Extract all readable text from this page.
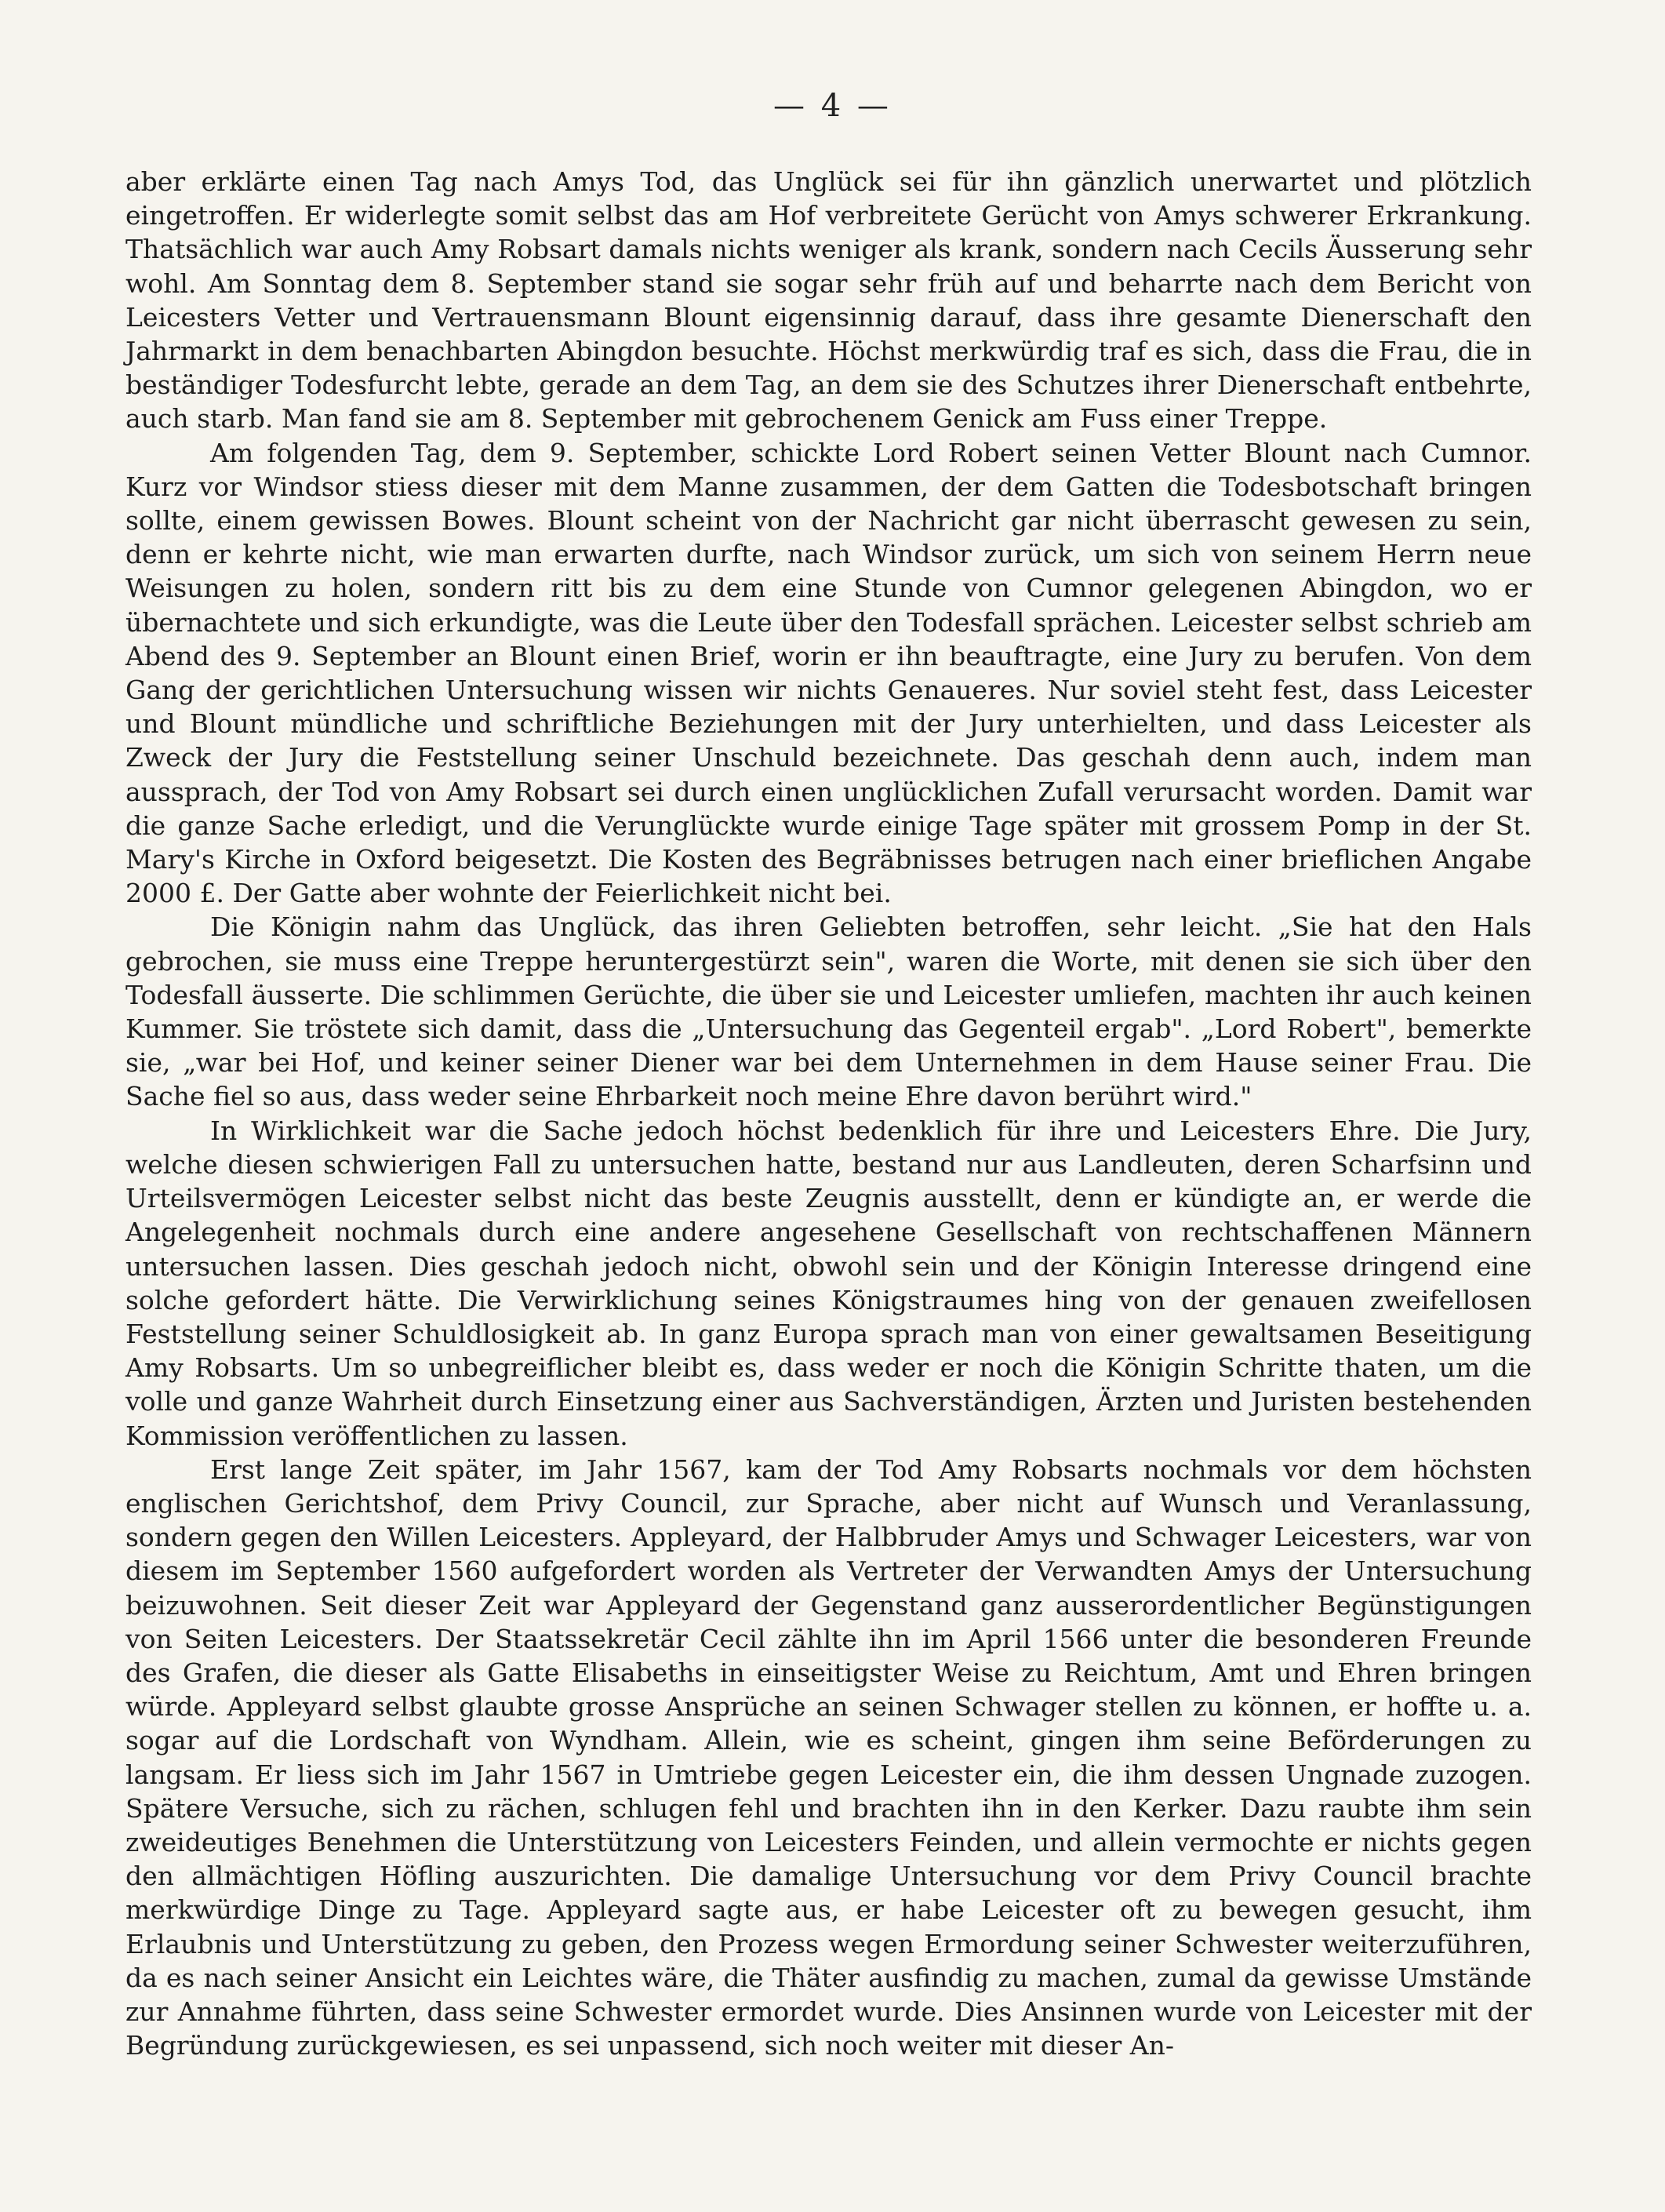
— 4 —

aber erklärte einen Tag nach Amys Tod, das Unglück sei für ihn gänzlich unerwartet und plötzlich eingetroffen. Er widerlegte somit selbst das am Hof verbreitete Gerücht von Amys schwerer Erkrankung. Thatsächlich war auch Amy Robsart damals nichts weniger als krank, sondern nach Cecils Äusserung sehr wohl. Am Sonntag dem 8. September stand sie sogar sehr früh auf und beharrte nach dem Bericht von Leicesters Vetter und Vertrauensmann Blount eigensinnig darauf, dass ihre gesamte Dienerschaft den Jahrmarkt in dem benachbarten Abingdon besuchte. Höchst merkwürdig traf es sich, dass die Frau, die in beständiger Todesfurcht lebte, gerade an dem Tag, an dem sie des Schutzes ihrer Dienerschaft entbehrte, auch starb. Man fand sie am 8. September mit gebrochenem Genick am Fuss einer Treppe.

Am folgenden Tag, dem 9. September, schickte Lord Robert seinen Vetter Blount nach Cumnor. Kurz vor Windsor stiess dieser mit dem Manne zusammen, der dem Gatten die Todesbotschaft bringen sollte, einem gewissen Bowes. Blount scheint von der Nachricht gar nicht überrascht gewesen zu sein, denn er kehrte nicht, wie man erwarten durfte, nach Windsor zurück, um sich von seinem Herrn neue Weisungen zu holen, sondern ritt bis zu dem eine Stunde von Cumnor gelegenen Abingdon, wo er übernachtete und sich erkundigte, was die Leute über den Todesfall sprächen. Leicester selbst schrieb am Abend des 9. September an Blount einen Brief, worin er ihn beauftragte, eine Jury zu berufen. Von dem Gang der gerichtlichen Untersuchung wissen wir nichts Genaueres. Nur soviel steht fest, dass Leicester und Blount mündliche und schriftliche Beziehungen mit der Jury unterhielten, und dass Leicester als Zweck der Jury die Feststellung seiner Unschuld bezeichnete. Das geschah denn auch, indem man aussprach, der Tod von Amy Robsart sei durch einen unglücklichen Zufall verursacht worden. Damit war die ganze Sache erledigt, und die Verunglückte wurde einige Tage später mit grossem Pomp in der St. Mary's Kirche in Oxford beigesetzt. Die Kosten des Begräbnisses betrugen nach einer brieflichen Angabe 2000 £. Der Gatte aber wohnte der Feierlichkeit nicht bei.

Die Königin nahm das Unglück, das ihren Geliebten betroffen, sehr leicht. „Sie hat den Hals gebrochen, sie muss eine Treppe heruntergestürzt sein", waren die Worte, mit denen sie sich über den Todesfall äusserte. Die schlimmen Gerüchte, die über sie und Leicester umliefen, machten ihr auch keinen Kummer. Sie tröstete sich damit, dass die „Untersuchung das Gegenteil ergab". „Lord Robert", bemerkte sie, „war bei Hof, und keiner seiner Diener war bei dem Unternehmen in dem Hause seiner Frau. Die Sache fiel so aus, dass weder seine Ehrbarkeit noch meine Ehre davon berührt wird."

In Wirklichkeit war die Sache jedoch höchst bedenklich für ihre und Leicesters Ehre. Die Jury, welche diesen schwierigen Fall zu untersuchen hatte, bestand nur aus Landleuten, deren Scharfsinn und Urteilsvermögen Leicester selbst nicht das beste Zeugnis ausstellt, denn er kündigte an, er werde die Angelegenheit nochmals durch eine andere angesehene Gesellschaft von rechtschaffenen Männern untersuchen lassen. Dies geschah jedoch nicht, obwohl sein und der Königin Interesse dringend eine solche gefordert hätte. Die Verwirklichung seines Königstraumes hing von der genauen zweifellosen Feststellung seiner Schuldlosigkeit ab. In ganz Europa sprach man von einer gewaltsamen Beseitigung Amy Robsarts. Um so unbegreiflicher bleibt es, dass weder er noch die Königin Schritte thaten, um die volle und ganze Wahrheit durch Einsetzung einer aus Sachverständigen, Ärzten und Juristen bestehenden Kommission veröffentlichen zu lassen.

Erst lange Zeit später, im Jahr 1567, kam der Tod Amy Robsarts nochmals vor dem höchsten englischen Gerichtshof, dem Privy Council, zur Sprache, aber nicht auf Wunsch und Veranlassung, sondern gegen den Willen Leicesters. Appleyard, der Halbbruder Amys und Schwager Leicesters, war von diesem im September 1560 aufgefordert worden als Vertreter der Verwandten Amys der Untersuchung beizuwohnen. Seit dieser Zeit war Appleyard der Gegenstand ganz ausserordentlicher Begünstigungen von Seiten Leicesters. Der Staatssekretär Cecil zählte ihn im April 1566 unter die besonderen Freunde des Grafen, die dieser als Gatte Elisabeths in einseitigster Weise zu Reichtum, Amt und Ehren bringen würde. Appleyard selbst glaubte grosse Ansprüche an seinen Schwager stellen zu können, er hoffte u. a. sogar auf die Lordschaft von Wyndham. Allein, wie es scheint, gingen ihm seine Beförderungen zu langsam. Er liess sich im Jahr 1567 in Umtriebe gegen Leicester ein, die ihm dessen Ungnade zuzogen. Spätere Versuche, sich zu rächen, schlugen fehl und brachten ihn in den Kerker. Dazu raubte ihm sein zweideutiges Benehmen die Unterstützung von Leicesters Feinden, und allein vermochte er nichts gegen den allmächtigen Höfling auszurichten. Die damalige Untersuchung vor dem Privy Council brachte merkwürdige Dinge zu Tage. Appleyard sagte aus, er habe Leicester oft zu bewegen gesucht, ihm Erlaubnis und Unterstützung zu geben, den Prozess wegen Ermordung seiner Schwester weiterzuführen, da es nach seiner Ansicht ein Leichtes wäre, die Thäter ausfindig zu machen, zumal da gewisse Umstände zur Annahme führten, dass seine Schwester ermordet wurde. Dies Ansinnen wurde von Leicester mit der Begründung zurückgewiesen, es sei unpassend, sich noch weiter mit dieser An-
